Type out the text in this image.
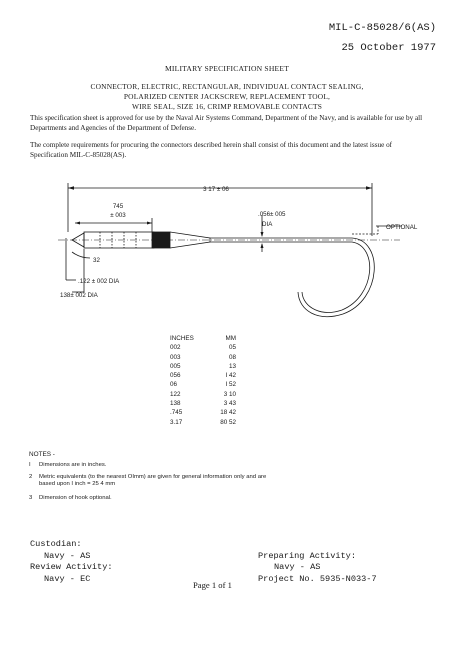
MIL-C-85028/6(AS)
25 October 1977
MILITARY SPECIFICATION SHEET
CONNECTOR, ELECTRIC, RECTANGULAR, INDIVIDUAL CONTACT SEALING,
POLARIZED CENTER JACKSCREW, REPLACEMENT TOOL,
WIRE SEAL, SIZE 16, CRIMP REMOVABLE CONTACTS
This specification sheet is approved for use by the Naval Air Systems Command, Department of the Navy, and is available for use by all Departments and Agencies of the Department of Defense.
The complete requirements for procuring the connectors described herein shall consist of this document and the latest issue of Specification MIL-C-85028(AS).
3 17 ± 06
745
± 003	.056± 005
DIA	OPTIONAL
32
.122 ± 002 DIA
138± 002 DIA
INCHES	MM
002	05
003	08
005	13
056	I 42
06	I 52
122	3 10
138	3 43
.745	18 42
3.17	80 52
NOTES -
I Dimensions are in inches.
2 Metric equivalents (to the nearest OImm) are given for general information only and are
based upon I inch = 25 4 mm
3 Dimension of hook optional.
Custodian:
Navy - AS
Review Activity:
Navy - EC
Preparing Activity:
Navy - AS
Project No. 5935-N033-7
Page 1 of 1
